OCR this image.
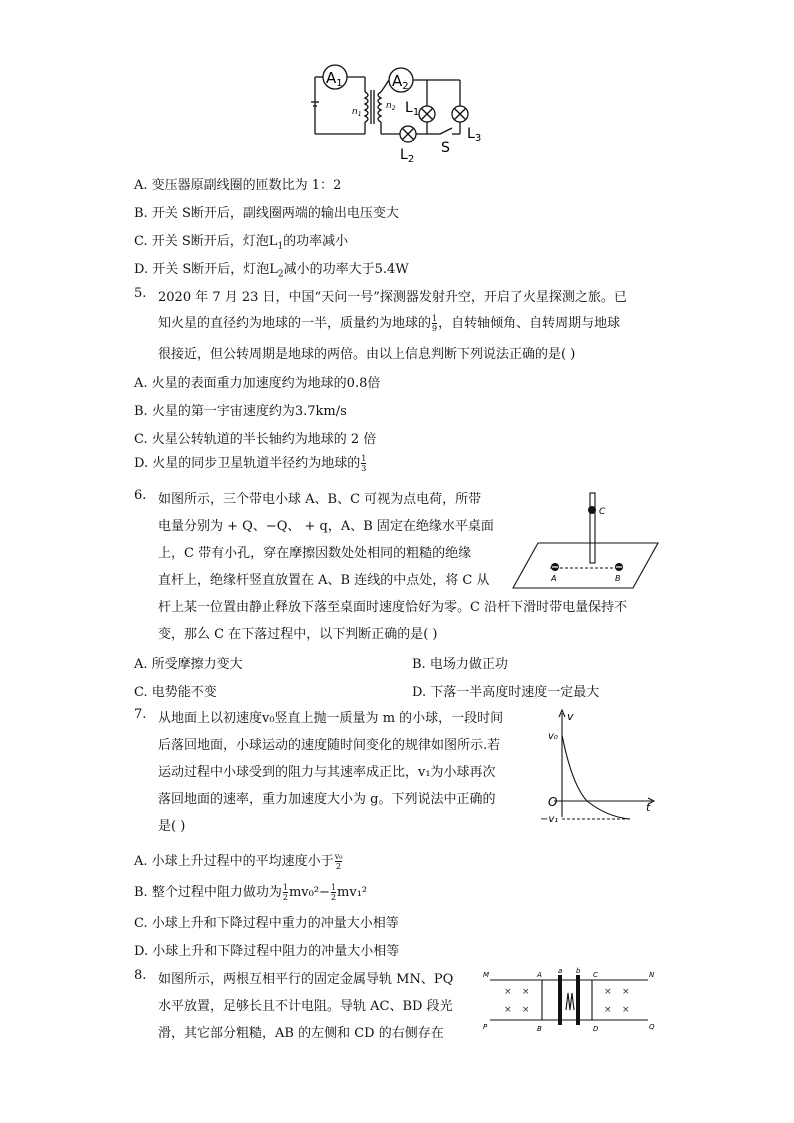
$A_1$	$A_2$
$n_1$
$n_2$ $L_1$
$L_3$
$L_2$
S
A. 变压器原副线圈的匝数比为 1：2
B. 开关 S断开后，副线圈两端的输出电压变大
C. 开关 S断开后，灯泡$L_1$的功率减小
D. 开关 S断开后，灯泡$L_2$减小的功率大于5.4W
5. 2020 年 7 月 23 日，中国“天问一号”探测器发射升空，开启了火星探测之旅。已
知火星的直径约为地球的一半，质量约为地球的 $\frac{1}{9}$ ，自转轴倾角、自转周期与地球
很接近，但公转周期是地球的两倍。由以上信息判断下列说法正确的是( )
A. 火星的表面重力加速度约为地球的0.8倍
B. 火星的第一宇宙速度约为3.7km/s
C. 火星公转轨道的半长轴约为地球的 2 倍
D. 火星的同步卫星轨道半径约为地球的 $\frac{1}{3}$
6. 如图所示，三个带电小球 A、B、C 可视为点电荷，所带
电量分别为 + Q、−Q、 + q，A、B 固定在绝缘水平桌面
上，C 带有小孔，穿在摩擦因数处处相同的粗糙的绝缘
直杆上，绝缘杆竖直放置在 A、B 连线的中点处，将 C 从
杆上某一位置由静止释放下落至桌面时速度恰好为零。C 沿杆下滑时带电量保持不
变，那么 C 在下落过程中，以下判断正确的是( )
C
A	B
A. 所受摩擦力变大	B. 电场力做正功
C. 电势能不变	D. 下落一半高度时速度一定最大
7. 从地面上以初速度v₀竖直上抛一质量为 m 的小球，一段时间
后落回地面，小球运动的速度随时间变化的规律如图所示.若
运动过程中小球受到的阻力与其速率成正比，v₁为小球再次
落回地面的速率，重力加速度大小为 g。下列说法中正确的
是( )
v
v₀
O	t
−v₁
A. 小球上升过程中的平均速度小于 $\frac{\text{v₀}}{2}$
B. 整个过程中阻力做功为 $\frac{1}{2} mv_0^2- \frac{1}{2} mv_1^2$
C. 小球上升和下降过程中重力的冲量大小相等
D. 小球上升和下降过程中阻力的冲量大小相等
8. 如图所示，两根互相平行的固定金属导轨 MN、PQ
水平放置，足够长且不计电阻。导轨 AC、BD 段光
滑，其它部分粗糙，AB 的左侧和 CD 的右侧存在
× ×
× ×
× ×
× ×
M	N
P	Q
A
B
C
D
a b
